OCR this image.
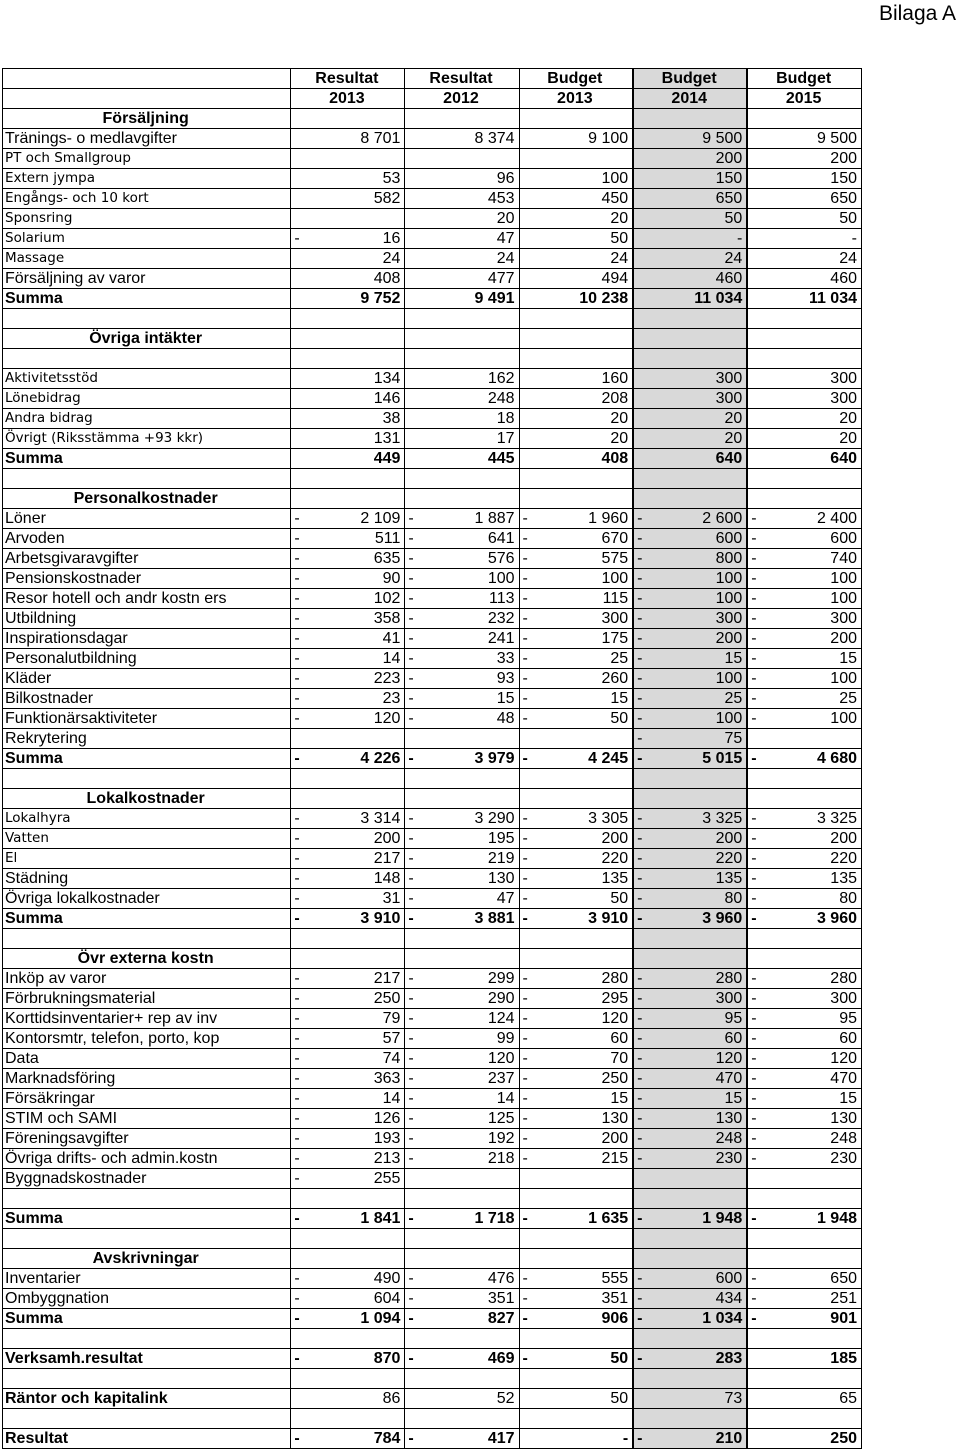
Bilaga A
	Resultat		Resultat		Budget		Budget		Budget	
	2013		2012		2013		2014		2015	
Försäljning										
Tränings- o medlavgifter		8 701		8 374		9 100		9 500		9 500
PT och Smallgroup								200		200
Extern jympa		53		96		100		150		150
Engångs- och 10 kort		582		453		450		650		650
Sponsring				20		20		50		50
Solarium	-	16		47		50		-		-
Massage		24		24		24		24		24
Försäljning av varor		408		477		494		460		460
Summa		9 752		9 491		10 238		11 034		11 034

Övriga intäkter										

Aktivitetsstöd		134		162		160		300		300
Lönebidrag		146		248		208		300		300
Andra bidrag		38		18		20		20		20
Övrigt (Riksstämma +93 kkr)		131		17		20		20		20
Summa		449		445		408		640		640

Personalkostnader										
Löner	-	2 109	-	1 887	-	1 960	-	2 600	-	2 400
Arvoden	-	511	-	641	-	670	-	600	-	600
Arbetsgivaravgifter	-	635	-	576	-	575	-	800	-	740
Pensionskostnader	-	90	-	100	-	100	-	100	-	100
Resor hotell och andr kostn ers	-	102	-	113	-	115	-	100	-	100
Utbildning	-	358	-	232	-	300	-	300	-	300
Inspirationsdagar	-	41	-	241	-	175	-	200	-	200
Personalutbildning	-	14	-	33	-	25	-	15	-	15
Kläder	-	223	-	93	-	260	-	100	-	100
Bilkostnader	-	23	-	15	-	15	-	25	-	25
Funktionärsaktiviteter	-	120	-	48	-	50	-	100	-	100
Rekrytering							-	75		
Summa	-	4 226	-	3 979	-	4 245	-	5 015	-	4 680

Lokalkostnader										
Lokalhyra	-	3 314	-	3 290	-	3 305	-	3 325	-	3 325
Vatten	-	200	-	195	-	200	-	200	-	200
El	-	217	-	219	-	220	-	220	-	220
Städning	-	148	-	130	-	135	-	135	-	135
Övriga lokalkostnader	-	31	-	47	-	50	-	80	-	80
Summa	-	3 910	-	3 881	-	3 910	-	3 960	-	3 960

Övr externa kostn										
Inköp av varor	-	217	-	299	-	280	-	280	-	280
Förbrukningsmaterial	-	250	-	290	-	295	-	300	-	300
Korttidsinventarier+ rep av inv	-	79	-	124	-	120	-	95	-	95
Kontorsmtr, telefon, porto, kop	-	57	-	99	-	60	-	60	-	60
Data	-	74	-	120	-	70	-	120	-	120
Marknadsföring	-	363	-	237	-	250	-	470	-	470
Försäkringar	-	14	-	14	-	15	-	15	-	15
STIM och SAMI	-	126	-	125	-	130	-	130	-	130
Föreningsavgifter	-	193	-	192	-	200	-	248	-	248
Övriga drifts- och admin.kostn	-	213	-	218	-	215	-	230	-	230
Byggnadskostnader	-	255								

Summa	-	1 841	-	1 718	-	1 635	-	1 948	-	1 948

Avskrivningar										
Inventarier	-	490	-	476	-	555	-	600	-	650
Ombyggnation	-	604	-	351	-	351	-	434	-	251
Summa	-	1 094	-	827	-	906	-	1 034	-	901

Verksamh.resultat	-	870	-	469	-	50	-	283		185

Räntor och kapitalink		86		52		50		73		65

Resultat	-	784	-	417		-	-	210		250
